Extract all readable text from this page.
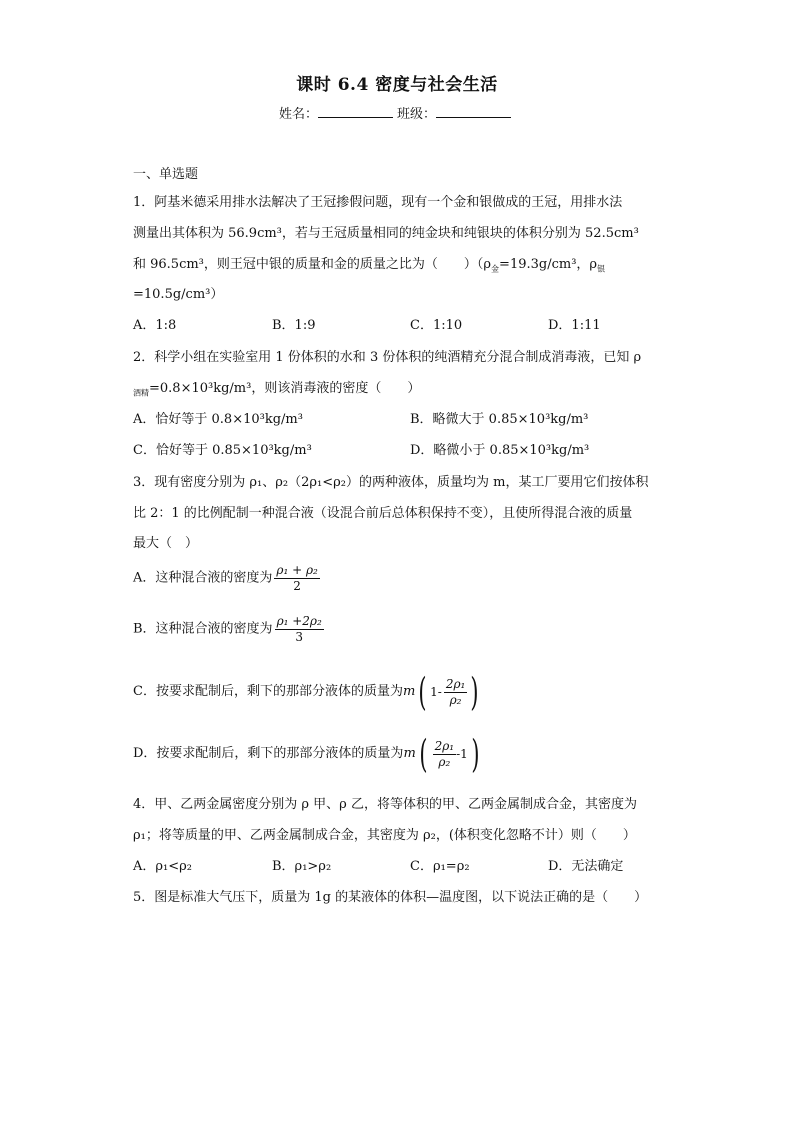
课时 6.4 密度与社会生活
姓名：	班级：
一、单选题
1．阿基米德采用排水法解决了王冠掺假问题，现有一个金和银做成的王冠，用排水法
测量出其体积为 56.9cm³，若与王冠质量相同的纯金块和纯银块的体积分别为 52.5cm³
和 96.5cm³，则王冠中银的质量和金的质量之比为（　　）（$\rho_金=19.3g$/cm³，$\rho_银$
=10.5g/cm³）
A．1:8	B．1:9	C．1:10	D．1:11
2．科学小组在实验室用 1 份体积的水和 3 份体积的纯酒精充分混合制成消毒液，已知 ρ
$_{酒精}$=0.8×10³kg/m³，则该消毒液的密度（　　）
A．恰好等于 0.8×10³kg/m³	B．略微大于 0.85×10³kg/m³
C．恰好等于 0.85×10³kg/m³	D．略微小于 0.85×10³kg/m³
3．现有密度分别为 ρ₁、ρ₂（2ρ₁<ρ₂）的两种液体，质量均为 m，某工厂要用它们按体积
比 2：1 的比例配制一种混合液（设混合前后总体积保持不变），且使所得混合液的质量
最大（　）
A．这种混合液的密度为 $\frac{\text{ρ₁ + ρ₂}}{2}$
B．这种混合液的密度为 $\frac{\text{ρ₁ +2ρ₂}}{3}$
C．按要求配制后，剩下的那部分液体的质量为m( $1- \frac{\text{2ρ₁}}{\text{ρ₂}}$ )
D．按要求配制后，剩下的那部分液体的质量为$m( \frac{\text{2ρ₁}}{\text{ρ₂}} -1)$
4．甲、乙两金属密度分别为 ρ 甲、ρ 乙，将等体积的甲、乙两金属制成合金，其密度为
ρ₁；将等质量的甲、乙两金属制成合金，其密度为 ρ₂，(体积变化忽略不计）则（　　）
A．ρ₁<ρ₂	B．ρ₁>ρ₂	C．ρ₁=ρ₂	D．无法确定
5．图是标准大气压下，质量为 1g 的某液体的体积—温度图，以下说法正确的是（　　）
